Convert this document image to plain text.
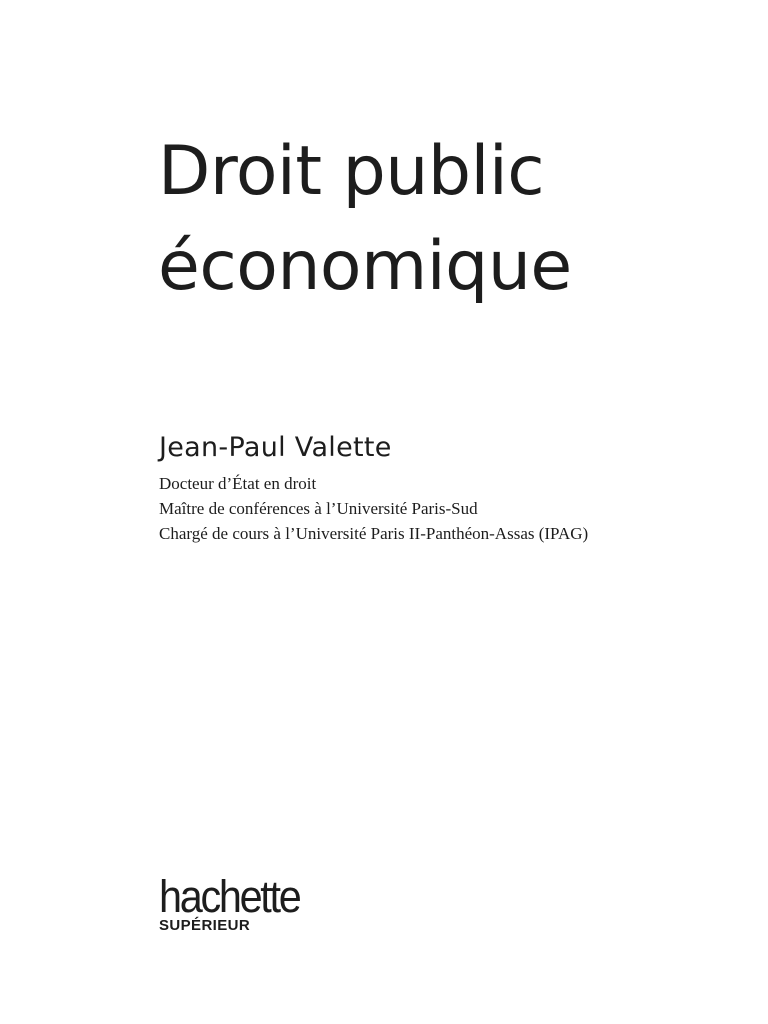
Droit public
économique
Jean-Paul Valette
Docteur d’État en droit
Maître de conférences à l’Université Paris-Sud
Chargé de cours à l’Université Paris II-Panthéon-Assas (IPAG)
hachette
SUPÉRIEUR
